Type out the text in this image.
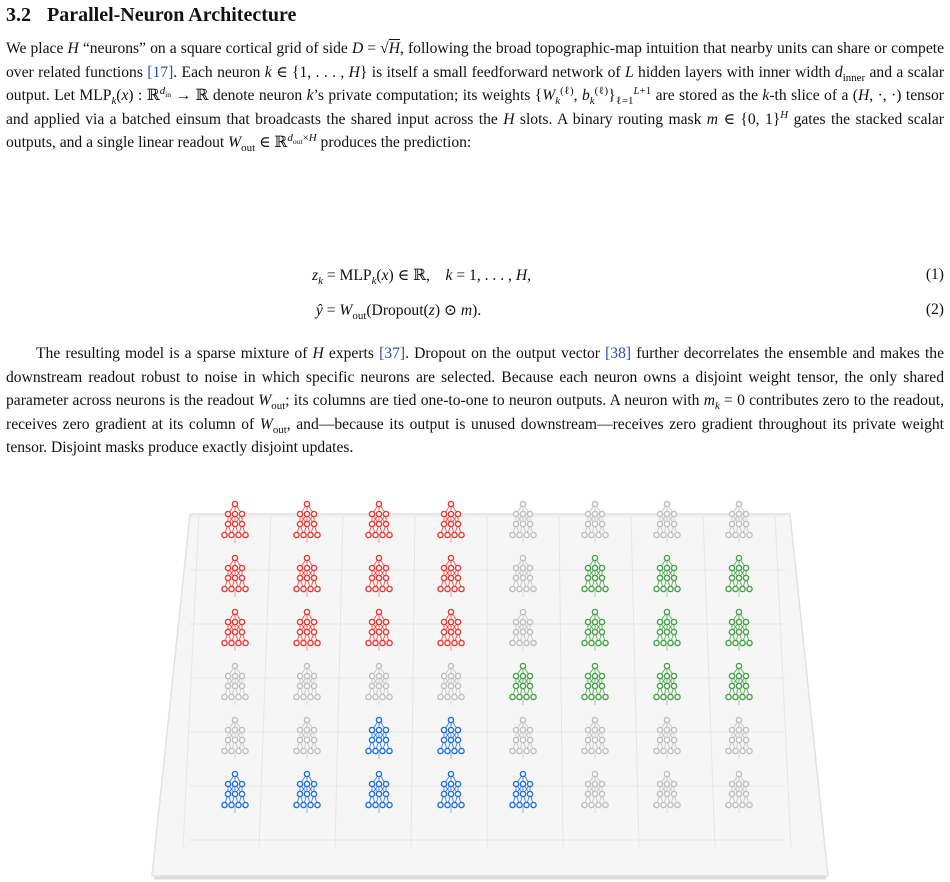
3.2 Parallel-Neuron Architecture

We place H “neurons” on a square cortical grid of side D = √H, following the broad topographic-map intuition that nearby units can share or compete over related functions [17]. Each neuron k ∈ {1, . . . , H} is itself a small feedforward network of L hidden layers with inner width $d_{inner}$ and a scalar output. Let $MLP_k(x)$ : ℝ$^{d_{in}}$ → ℝ denote neuron k’s private computation; its weights {$W_k^{(\ell)}$, $b_k^{(\ell)}\}_{\ell=1}^{L+1}$ are stored as the k-th slice of a (H, ·, ·) tensor and applied via a batched einsum that broadcasts the shared input across the H slots. A binary routing mask m ∈ {0, 1}$^H$ gates the stacked scalar outputs, and a single linear readout $W_{out}$ ∈ ℝ$^{d_{out}\times H}$ produces the prediction:

$z_k = MLP_k(x)$ ∈ ℝ,    k = 1, . . . , H,	(1)
ŷ = $W_{out}(Dropout(z)$ ⊙ m).	(2)

The resulting model is a sparse mixture of H experts [37]. Dropout on the output vector [38] further decorrelates the ensemble and makes the downstream readout robust to noise in which specific neurons are selected. Because each neuron owns a disjoint weight tensor, the only shared parameter across neurons is the readout $W_{out}$; its columns are tied one-to-one to neuron outputs. A neuron with $m_k = 0$ contributes zero to the readout, receives zero gradient at its column of $W_{out}$, and—because its output is unused downstream—receives zero gradient throughout its private weight tensor. Disjoint masks produce exactly disjoint updates.
